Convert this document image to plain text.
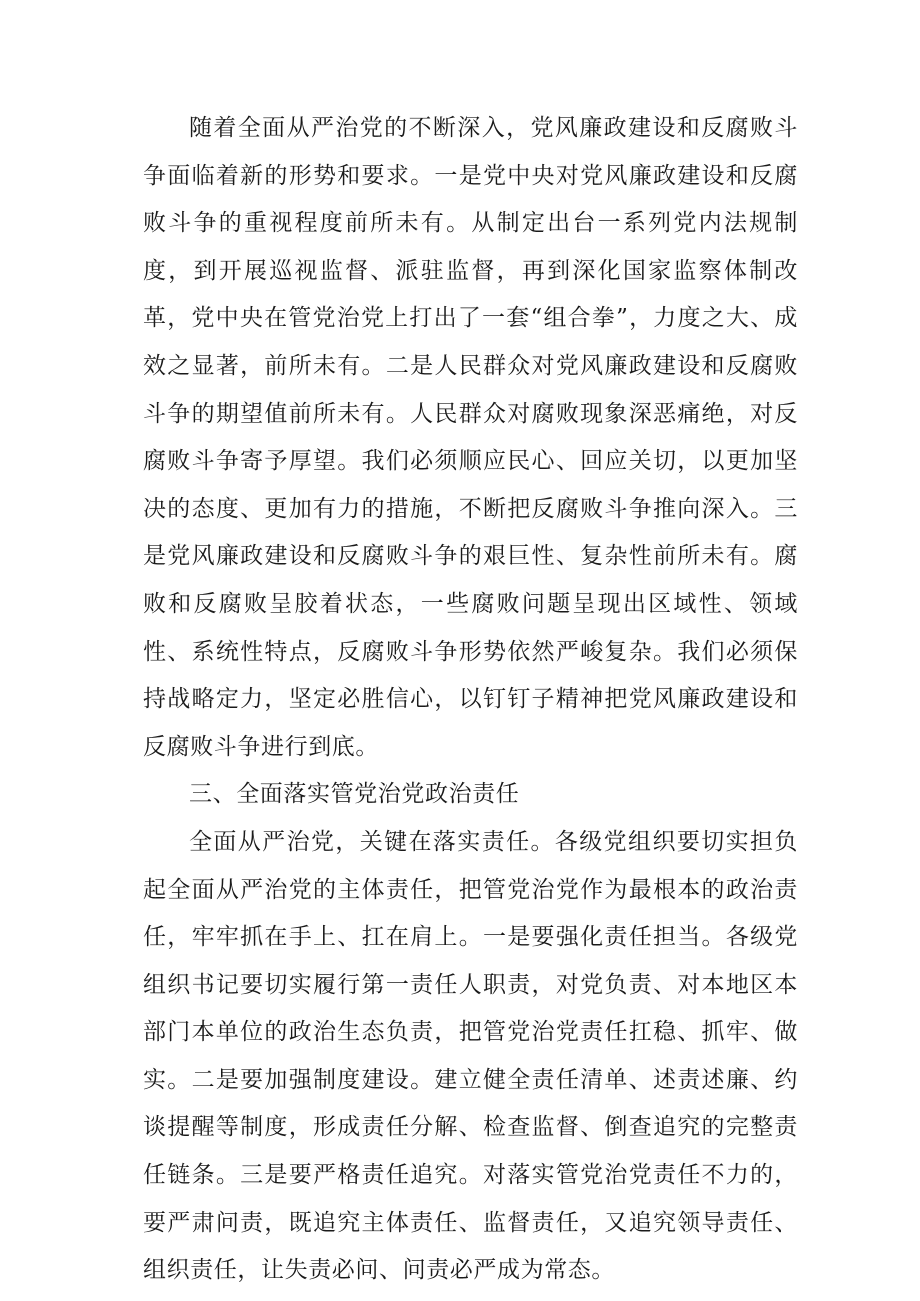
随着全面从严治党的不断深入，党风廉政建设和反腐败斗争面临着新的形势和要求。一是党中央对党风廉政建设和反腐败斗争的重视程度前所未有。从制定出台一系列党内法规制度，到开展巡视监督、派驻监督，再到深化国家监察体制改革，党中央在管党治党上打出了一套“组合拳”，力度之大、成效之显著，前所未有。二是人民群众对党风廉政建设和反腐败斗争的期望值前所未有。人民群众对腐败现象深恶痛绝，对反腐败斗争寄予厚望。我们必须顺应民心、回应关切，以更加坚决的态度、更加有力的措施，不断把反腐败斗争推向深入。三是党风廉政建设和反腐败斗争的艰巨性、复杂性前所未有。腐败和反腐败呈胶着状态，一些腐败问题呈现出区域性、领域性、系统性特点，反腐败斗争形势依然严峻复杂。我们必须保持战略定力，坚定必胜信心，以钉钉子精神把党风廉政建设和反腐败斗争进行到底。

三、全面落实管党治党政治责任

全面从严治党，关键在落实责任。各级党组织要切实担负起全面从严治党的主体责任，把管党治党作为最根本的政治责任，牢牢抓在手上、扛在肩上。一是要强化责任担当。各级党组织书记要切实履行第一责任人职责，对党负责、对本地区本部门本单位的政治生态负责，把管党治党责任扛稳、抓牢、做实。二是要加强制度建设。建立健全责任清单、述责述廉、约谈提醒等制度，形成责任分解、检查监督、倒查追究的完整责任链条。三是要严格责任追究。对落实管党治党责任不力的，要严肃问责，既追究主体责任、监督责任，又追究领导责任、组织责任，让失责必问、问责必严成为常态。
